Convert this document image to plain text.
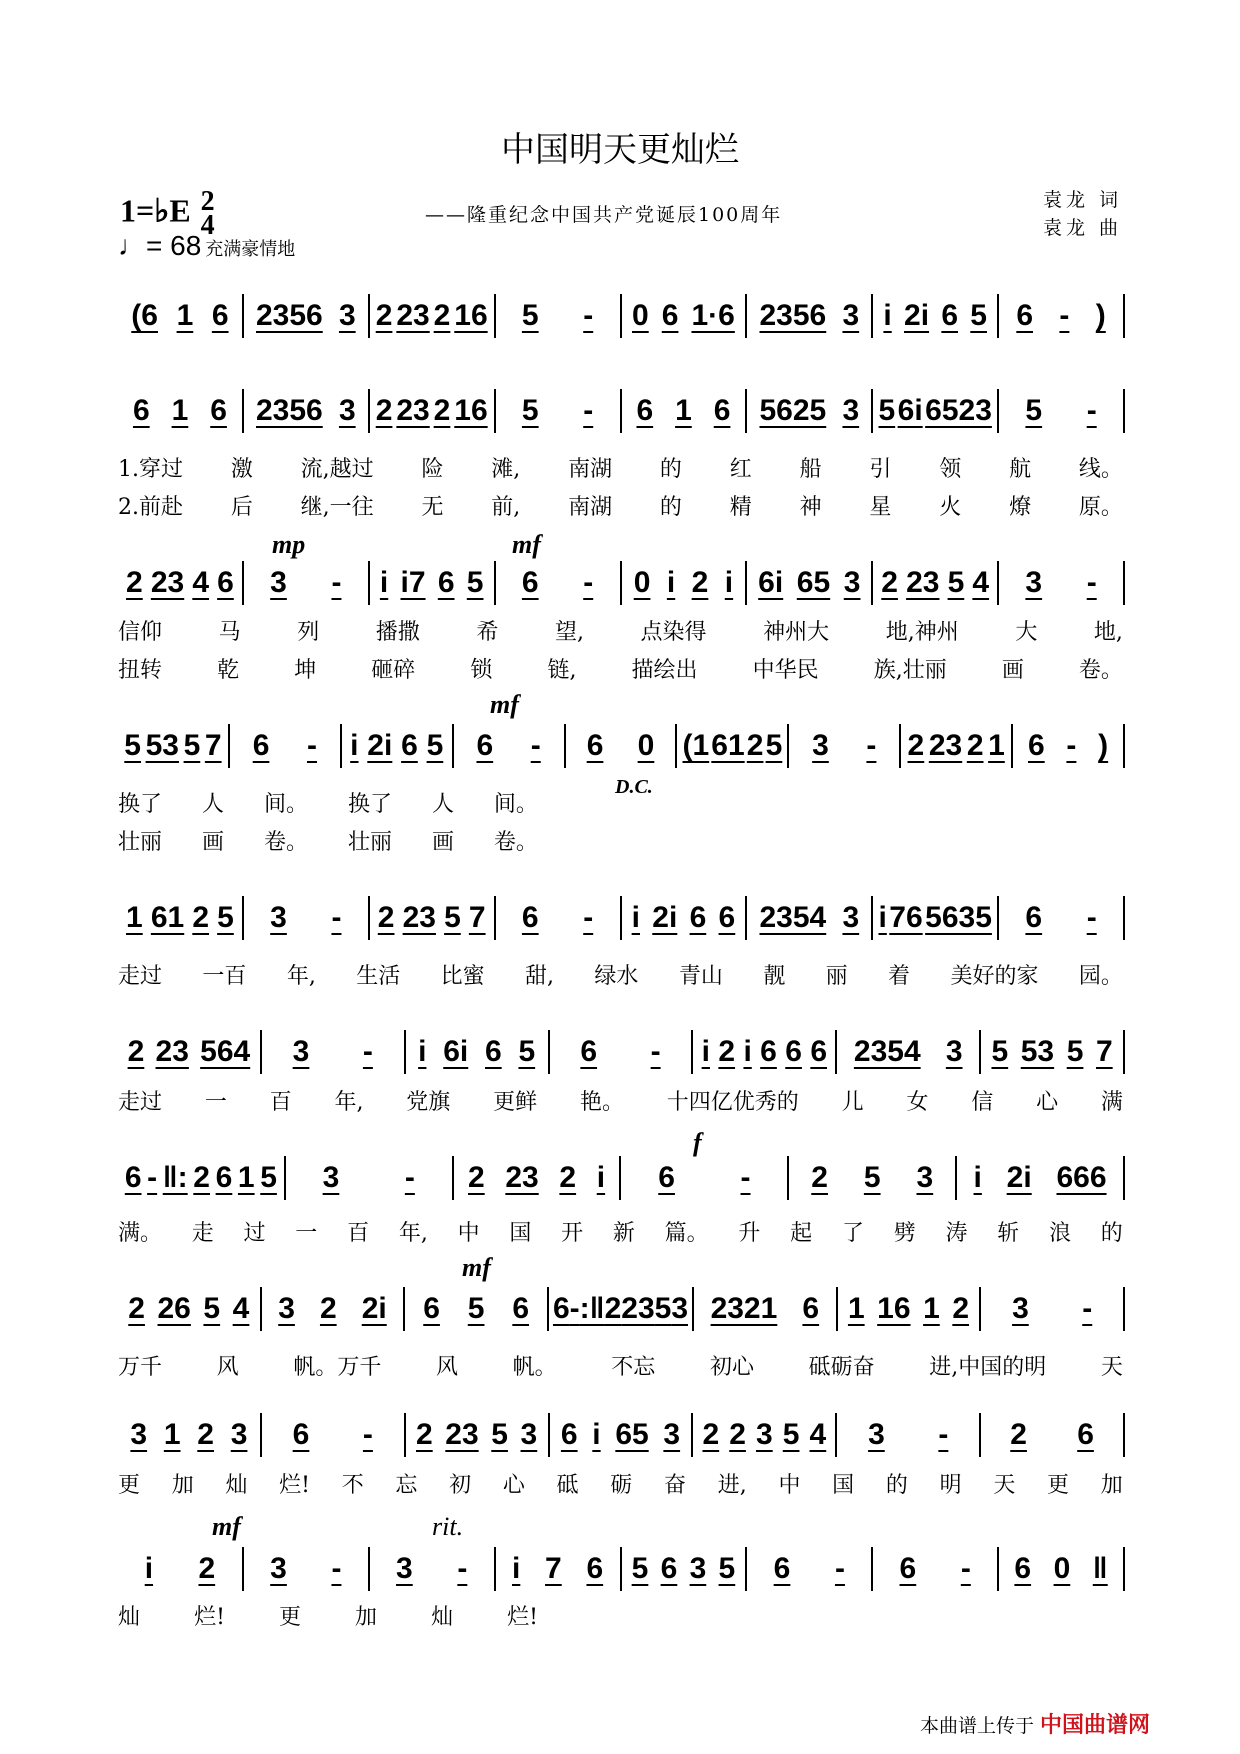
中国明天更灿烂
1=♭E 2
4
♩= 68 充满豪情地
——隆重纪念中国共产党诞辰100周年
袁龙 词
袁龙 曲
(6 1 6 2356 3 2 23 2 16 5 - 0 6 1·6 2356 3 i 2i 6 5 6 - )
6 1 6 2356 3 2 23 2 16 5 - 6 1 6 5625 3 5 6i 6523 5 -
2 23 4 6 3 - i i7 6 5 6 - 0 i 2 i 6i 65 3 2 23 5 4 3 -
5 53 5 7 6 - i 2i 6 5 6 - 6 0 (1 61 2 5 3 - 2 23 2 1 6 - )
1 61 2 5 3 - 2 23 5 7 6 - i 2i 6 6 2354 3 i 76 5635 6 -
2 23 564 3 - i 6i 6 5 6 - i 2 i 6 6 6 2354 3 5 53 5 7
6 - ‖: 2 6 1 5 3 - 2 23 2 i 6 - 2 5 3 i 2i 666
2 26 5 4 3 2 2i 6 5 6 6 - :‖ 2 23 5 3 2321 6 1 16 1 2 3 -
3 1 2 3 6 - 2 23 5 3 6 i 65 3 2 2 3 5 4 3 - 2 6
i 2 3 - 3 - i 7 6 5 6 3 5 6 - 6 - 6 0 ‖
1.穿过 激 流,越过 险 滩, 南湖 的 红 船 引 领 航 线。
2.前赴 后 继,一往 无 前, 南湖 的 精 神 星 火 燎 原。
信仰	马	列	播撒	希	望,	点染得	神州大	地,神州	大	地,
扭转	乾	坤	砸碎	锁	链,	描绘出	中华民	族,壮丽	画	卷。
换了 人 间。 换了 人 间。
壮丽 画 卷。 壮丽 画 卷。
走过 一百 年, 生活 比蜜 甜, 绿水 青山 靓 丽 着 美好的家 园。
走过 一 百 年, 党旗 更鲜 艳。 十四亿优秀的 儿 女 信 心 满
满。 走 过 一 百 年, 中 国 开 新 篇。 升 起 了 劈 涛 斩 浪 的
万千 风 帆。万千 风 帆。 不忘 初心 砥砺奋 进,中国的明 天
更 加 灿 烂! 不 忘 初 心 砥 砺 奋 进, 中 国 的 明 天 更 加
灿 烂! 更 加 灿 烂!
mp	mf
mf
D.C.
f
mf
mf	rit.
本曲谱上传于 中国曲谱网
